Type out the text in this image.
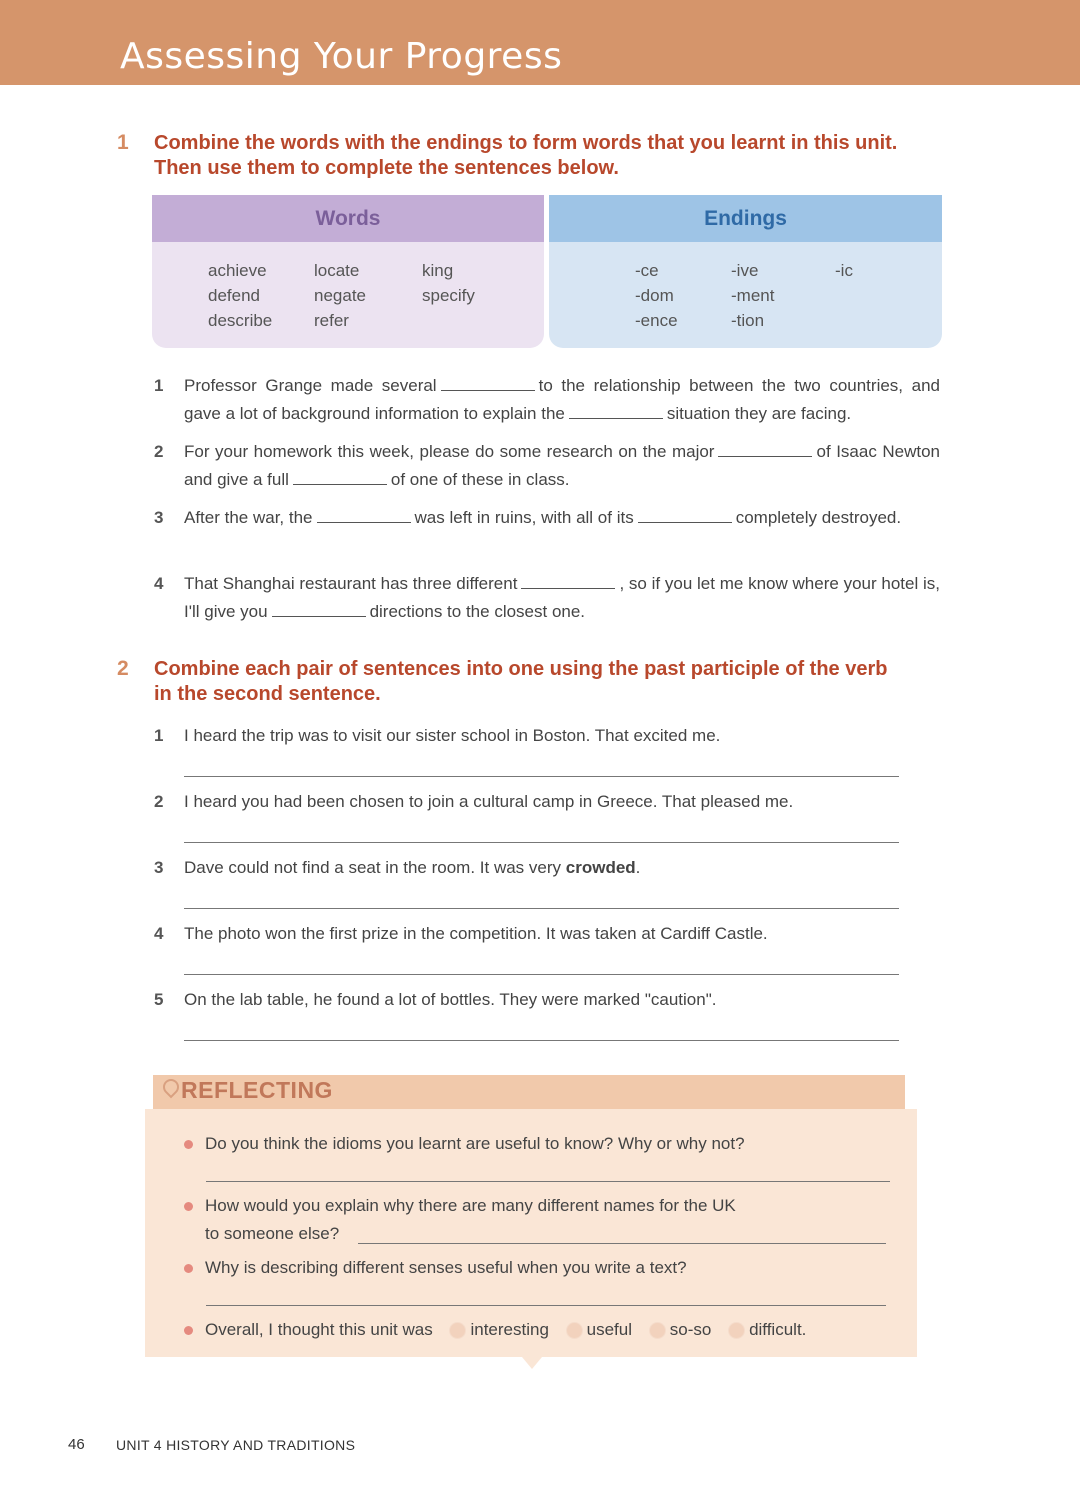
Assessing Your Progress
1 Combine the words with the endings to form words that you learnt in this unit.
Then use them to complete the sentences below.
Words
achieve	locate	king
defend	negate	specify
describe refer
Endings
-ce	-ive	-ic
-dom	-ment
-ence	-tion
1 Professor Grange made several	to the relationship between the two countries, and gave a lot of background information to explain the	situation they are facing.
2 For your homework this week, please do some research on the major	of Isaac Newton and give a full	of one of these in class.
3 After the war, the	was left in ruins, with all of its	completely destroyed.
4 That Shanghai restaurant has three different	, so if you let me know where your hotel is, I'll give you	directions to the closest one.
2 Combine each pair of sentences into one using the past participle of the verb
in the second sentence.
1 I heard the trip was to visit our sister school in Boston. That excited me.
2 I heard you had been chosen to join a cultural camp in Greece. That pleased me.
3 Dave could not find a seat in the room. It was very crowded.
4 The photo won the first prize in the competition. It was taken at Cardiff Castle.
5 On the lab table, he found a lot of bottles. They were marked "caution".
REFLECTING
Do you think the idioms you learnt are useful to know? Why or why not?
How would you explain why there are many different names for the UK
to someone else?
Why is describing different senses useful when you write a text?
Overall, I thought this unit was interesting useful so-so difficult.
46 UNIT 4 HISTORY AND TRADITIONS
